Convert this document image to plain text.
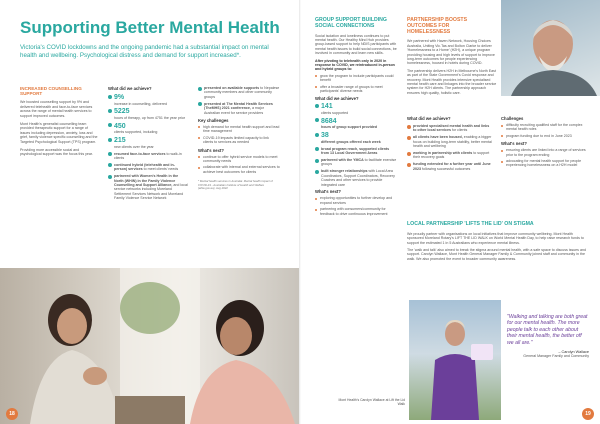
Supporting Better Mental Health

Victoria's COVID lockdowns and the ongoing pandemic had a substantial impact on mental health and wellbeing. Psychological distress and demand for support increased*.

INCREASED COUNSELLING SUPPORT

We boosted counselling support by 9% and delivered telehealth and face-to-face services across the range of mental health services to support improved outcomes.

Mont Health's generalist counselling team provided therapeutic support for a range of issues including depression, anxiety, loss and grief, family violence specific counselling and the Targeted Psychological Support (TPS) program.

Providing more accessible social and psychological support was the focus this year.

What did we achieve?
9%
increase in counselling, delivered
5225
hours of therapy, up from 4751 the year prior
450
clients supported, including
215
new clients over the year
resumed face-to-face services to walk-in clients
continued hybrid (telehealth and in-person) services to meet clients' needs
partnered with Women's Health in the North (WHIN) in the Family Violence Counselling and Support Alliance, and local service networks including Moreland Settlement Services Network and Moreland Family Violence Service Network
presented on available supports to Nepalese community members and other community groups
presented at The Mental Health Services (TheMHS) 2021 conference, a major Australian event for service providers
Key challenges
high demand for mental health support and lead time management
COVID-19 impacts limited capacity to link clients to services as needed
What's next?
continue to offer hybrid service models to meet community needs
collaborate with internal and external services to achieve best outcomes for clients

* Mental health services in Australia: Mental health impact of COVID-19 - Australian Institute of Health and Welfare (aihw.gov.au), Aug 2022

18
GROUP SUPPORT BUILDING SOCIAL CONNECTIONS

Social isolation and loneliness continues to put mental health. Our Healthy Mind Hub provides group-based support to help NDIS participants with mental health issues to build social connections, be involved in community and learn new skills.

After pivoting to telehealth only in 2020 in response to COVID, we reintroduced in-person and hybrid groups to:

grow the program to include participants could benefit
offer a broader range of groups to meet participants' diverse needs
What did we achieve?
141
clients supported
8684
hours of group support provided
38
different groups offered each week
broad program reach, supported clients from 13 Local Government Areas
partnered with the YMCA to facilitate exercise groups
built stronger relationships with Local Area Coordinators, Support Coordinators, Recovery Coaches and other services to provide integrated care
What's next?
exploring opportunities to further develop and expand services
partnering with consumers/community for feedback to drive continuous improvement
PARTNERSHIP BOOSTS OUTCOMES FOR HOMELESSNESS

We partnered with Haven Network, Housing Choices Australia, Uniting Vic.Tas and Bolton Clarke to deliver 'Homelessness to a Home' (H2H), a unique program providing housing and high levels of support to improve long-term outcomes for people experiencing homelessness, housed in hotels during COVID.

The partnership delivers H2H in Melbourne's North East as part of the State Government's Covid response and recovery. Mont Health provides intensive specialised mental health care and linkages into the broader service system for H2H clients. The partnership approach ensures high quality, holistic care.

What did we achieve?
provided specialised mental health and links to other local services for clients
all clients have been housed, enabling a bigger focus on building long-term stability, better mental health and wellbeing
working in partnership with clients to support their recovery goals
funding extended for a further year until June 2023 following successful outcomes
Challenges
difficulty recruiting qualified staff for the complex mental health roles
program funding due to end in June 2023
What's next?
ensuring clients are linked into a range of services prior to the program ending
advocating for mental health support for people experiencing homelessness on a H2H model
LOCAL PARTNERSHIP 'LIFTS THE LID' ON STIGMA

We proudly partner with organisations on local initiatives that improve community wellbeing. Mont Health sponsored Moreland Rotary's LIFT THE LID WALK on World Mental Health Day, to help raise research funds to support the estimated 1 in 5 Australians who experience mental illness.

The 'walk and talk' also aimed to break the stigma around mental health, with a safe space to discuss issues and support. Carolyn Wallace, Mont Health General Manager Family & Community joined staff and community in the walk. We also promoted the event to broader community awareness.

Mont Health's Carolyn Wallace at Lift the Lid Walk

"Walking and talking are both great for our mental health. The more people talk to each other about their mental health, the better off we all are."

– Carolyn Wallace

General Manager Family and Community

19
